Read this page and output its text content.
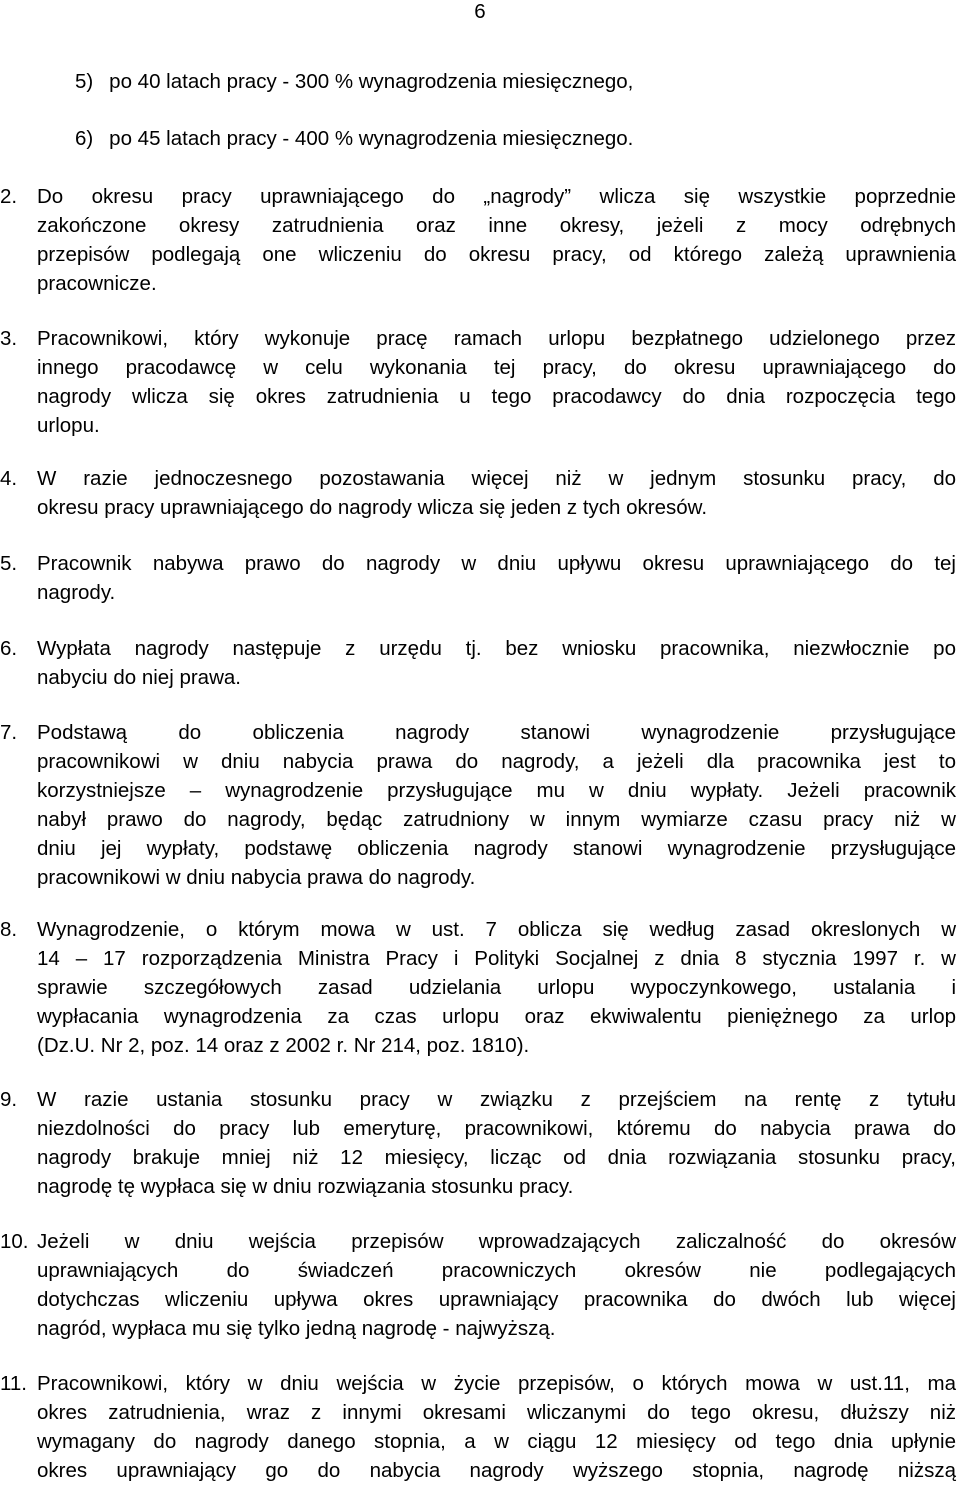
6
5)  po 40 latach pracy - 300 % wynagrodzenia miesięcznego,
6)  po 45 latach pracy - 400 % wynagrodzenia miesięcznego.
2. Do okresu pracy uprawniającego do „nagrody” wlicza się wszystkie poprzednie
zakończone okresy zatrudnienia oraz inne okresy, jeżeli z mocy odrębnych
przepisów podlegają one wliczeniu do okresu pracy, od którego zależą uprawnienia
pracownicze.
3. Pracownikowi, który wykonuje pracę ramach urlopu bezpłatnego udzielonego przez
innego pracodawcę w celu wykonania tej pracy, do okresu uprawniającego do
nagrody wlicza się okres zatrudnienia u tego pracodawcy do dnia rozpoczęcia tego
urlopu.
4. W razie jednoczesnego pozostawania więcej niż w jednym stosunku pracy, do
okresu pracy uprawniającego do nagrody wlicza się jeden z tych okresów.
5. Pracownik nabywa prawo do nagrody w dniu upływu okresu uprawniającego do tej
nagrody.
6. Wypłata nagrody następuje z urzędu tj. bez wniosku pracownika, niezwłocznie po
nabyciu do niej prawa.
7. Podstawą do obliczenia nagrody stanowi wynagrodzenie przysługujące
pracownikowi w dniu nabycia prawa do nagrody, a jeżeli dla pracownika jest to
korzystniejsze – wynagrodzenie przysługujące mu w dniu wypłaty. Jeżeli pracownik
nabył prawo do nagrody, będąc zatrudniony w innym wymiarze czasu pracy niż w
dniu jej wypłaty, podstawę obliczenia nagrody stanowi wynagrodzenie przysługujące
pracownikowi w dniu nabycia prawa do nagrody.
8. Wynagrodzenie, o którym mowa w ust. 7 oblicza się według zasad okreslonych w
14 – 17 rozporządzenia Ministra Pracy i Polityki Socjalnej z dnia 8 stycznia 1997 r. w
sprawie szczegółowych zasad udzielania urlopu wypoczynkowego, ustalania i
wypłacania wynagrodzenia za czas urlopu oraz ekwiwalentu pieniężnego za urlop
(Dz.U. Nr 2, poz. 14 oraz z 2002 r. Nr 214, poz. 1810).
9. W razie ustania stosunku pracy w związku z przejściem na rentę z tytułu
niezdolności do pracy lub emeryturę, pracownikowi, któremu do nabycia prawa do
nagrody brakuje mniej niż 12 miesięcy, licząc od dnia rozwiązania stosunku pracy,
nagrodę tę wypłaca się w dniu rozwiązania stosunku pracy.
10. Jeżeli w dniu wejścia przepisów wprowadzających zaliczalność do okresów
uprawniających do świadczeń pracowniczych okresów nie podlegających
dotychczas wliczeniu upływa okres uprawniający pracownika do dwóch lub więcej
nagród, wypłaca mu się tylko jedną nagrodę - najwyższą.
11. Pracownikowi, który w dniu wejścia w życie przepisów, o których mowa w ust.11, ma
okres zatrudnienia, wraz z innymi okresami wliczanymi do tego okresu, dłuższy niż
wymagany do nagrody danego stopnia, a w ciągu 12 miesięcy od tego dnia upłynie
okres uprawniający go do nabycia nagrody wyższego stopnia, nagrodę niższą
